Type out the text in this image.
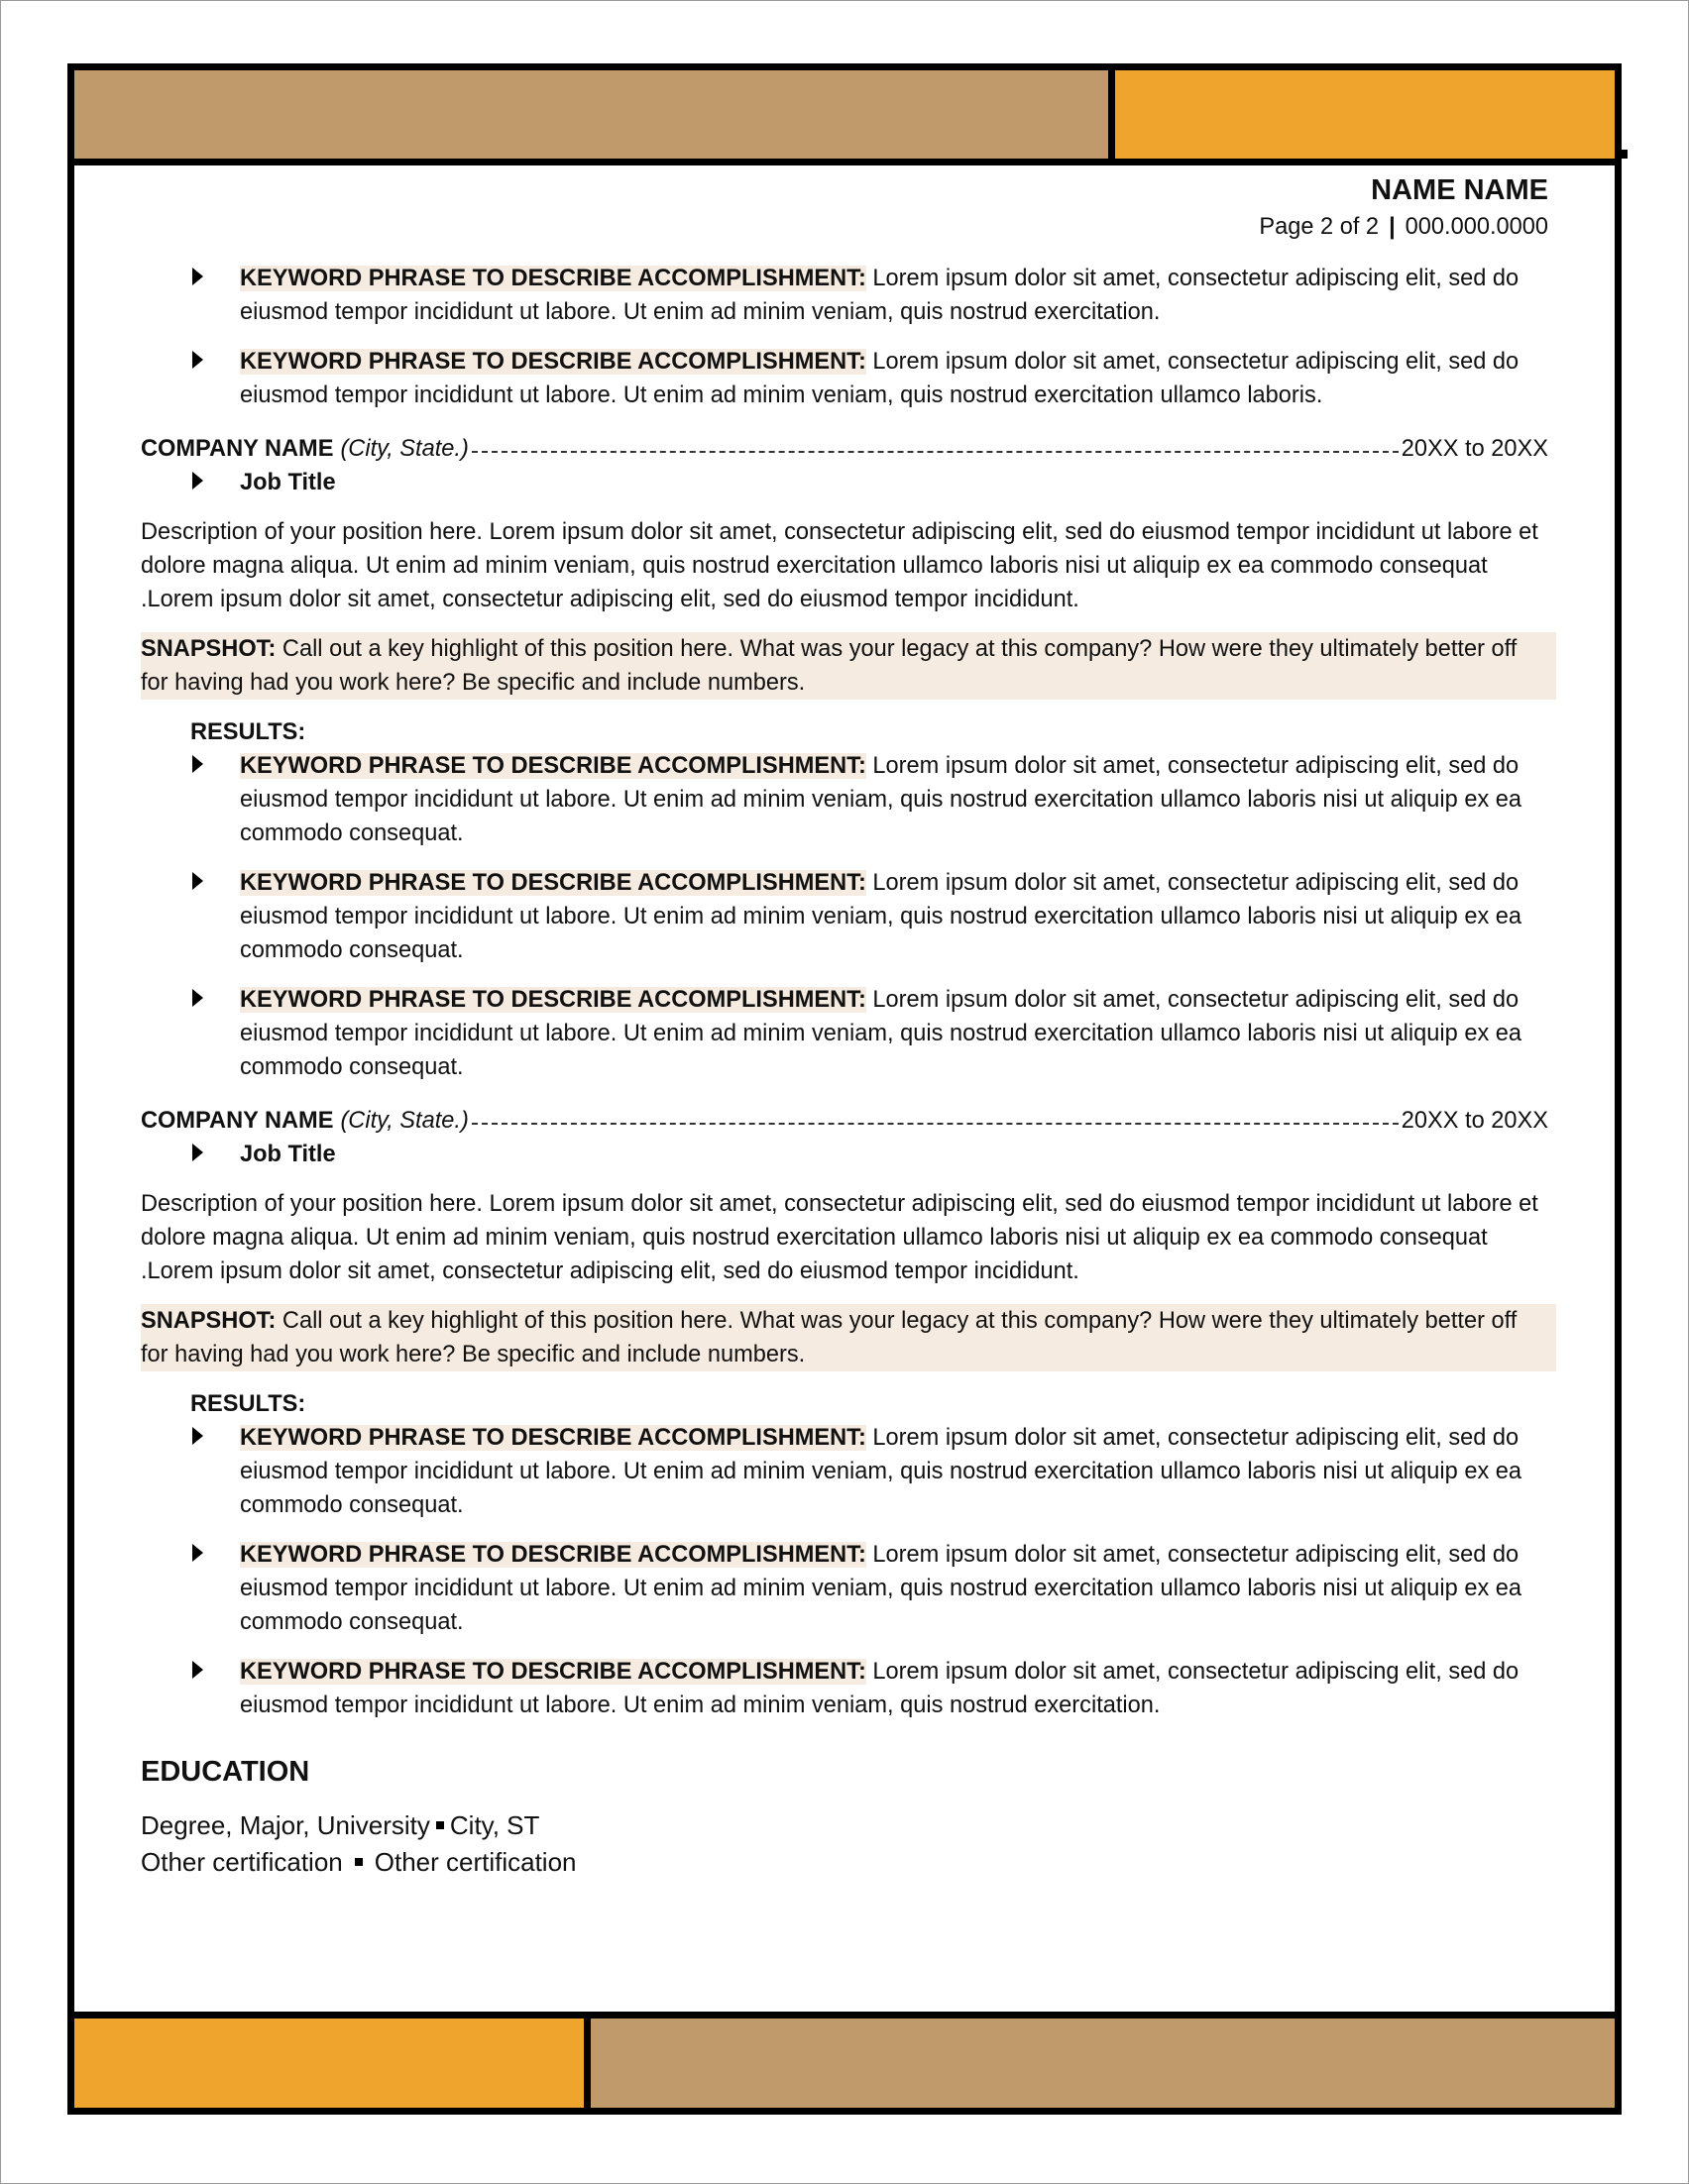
NAME NAME
Page 2 of 2 | 000.000.0000
KEYWORD PHRASE TO DESCRIBE ACCOMPLISHMENT: Lorem ipsum dolor sit amet, consectetur adipiscing elit, sed do eiusmod tempor incididunt ut labore. Ut enim ad minim veniam, quis nostrud exercitation.
KEYWORD PHRASE TO DESCRIBE ACCOMPLISHMENT: Lorem ipsum dolor sit amet, consectetur adipiscing elit, sed do eiusmod tempor incididunt ut labore. Ut enim ad minim veniam, quis nostrud exercitation ullamco laboris.
COMPANY NAME (City, State.)	20XX to 20XX
Job Title
Description of your position here. Lorem ipsum dolor sit amet, consectetur adipiscing elit, sed do eiusmod tempor incididunt ut labore et dolore magna aliqua. Ut enim ad minim veniam, quis nostrud exercitation ullamco laboris nisi ut aliquip ex ea commodo consequat .Lorem ipsum dolor sit amet, consectetur adipiscing elit, sed do eiusmod tempor incididunt.
SNAPSHOT: Call out a key highlight of this position here. What was your legacy at this company? How were they ultimately better off for having had you work here? Be specific and include numbers.
RESULTS:
KEYWORD PHRASE TO DESCRIBE ACCOMPLISHMENT: Lorem ipsum dolor sit amet, consectetur adipiscing elit, sed do eiusmod tempor incididunt ut labore. Ut enim ad minim veniam, quis nostrud exercitation ullamco laboris nisi ut aliquip ex ea commodo consequat.
KEYWORD PHRASE TO DESCRIBE ACCOMPLISHMENT: Lorem ipsum dolor sit amet, consectetur adipiscing elit, sed do eiusmod tempor incididunt ut labore. Ut enim ad minim veniam, quis nostrud exercitation ullamco laboris nisi ut aliquip ex ea commodo consequat.
KEYWORD PHRASE TO DESCRIBE ACCOMPLISHMENT: Lorem ipsum dolor sit amet, consectetur adipiscing elit, sed do eiusmod tempor incididunt ut labore. Ut enim ad minim veniam, quis nostrud exercitation ullamco laboris nisi ut aliquip ex ea commodo consequat.
COMPANY NAME (City, State.)	20XX to 20XX
Job Title
Description of your position here. Lorem ipsum dolor sit amet, consectetur adipiscing elit, sed do eiusmod tempor incididunt ut labore et dolore magna aliqua. Ut enim ad minim veniam, quis nostrud exercitation ullamco laboris nisi ut aliquip ex ea commodo consequat .Lorem ipsum dolor sit amet, consectetur adipiscing elit, sed do eiusmod tempor incididunt.
SNAPSHOT: Call out a key highlight of this position here. What was your legacy at this company? How were they ultimately better off for having had you work here? Be specific and include numbers.
RESULTS:
KEYWORD PHRASE TO DESCRIBE ACCOMPLISHMENT: Lorem ipsum dolor sit amet, consectetur adipiscing elit, sed do eiusmod tempor incididunt ut labore. Ut enim ad minim veniam, quis nostrud exercitation ullamco laboris nisi ut aliquip ex ea commodo consequat.
KEYWORD PHRASE TO DESCRIBE ACCOMPLISHMENT: Lorem ipsum dolor sit amet, consectetur adipiscing elit, sed do eiusmod tempor incididunt ut labore. Ut enim ad minim veniam, quis nostrud exercitation ullamco laboris nisi ut aliquip ex ea commodo consequat.
KEYWORD PHRASE TO DESCRIBE ACCOMPLISHMENT: Lorem ipsum dolor sit amet, consectetur adipiscing elit, sed do eiusmod tempor incididunt ut labore. Ut enim ad minim veniam, quis nostrud exercitation.
EDUCATION
Degree, Major, University City, ST
Other certification Other certification
